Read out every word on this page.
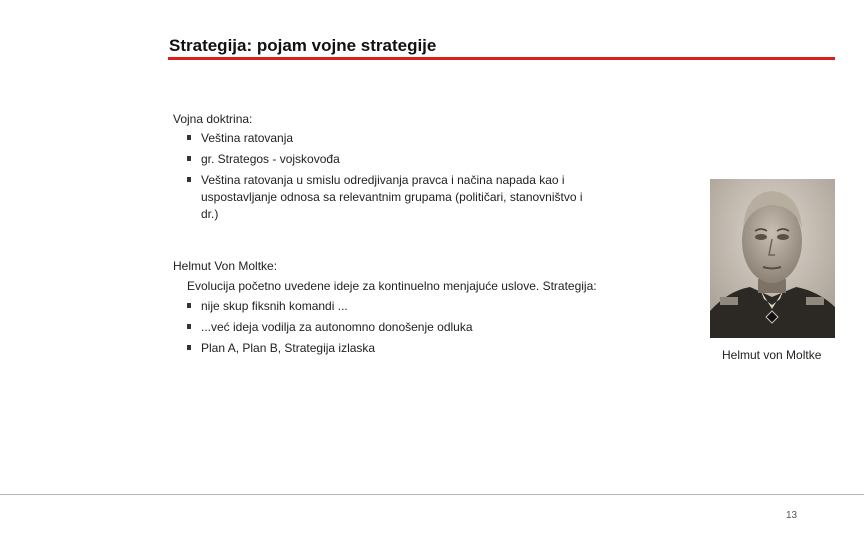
Strategija: pojam vojne strategije
Vojna doktrina:
Veština ratovanja
gr. Strategos - vojskovođa
Veština ratovanja u smislu odredjivanja pravca i načina napada kao i uspostavljanje odnosa sa relevantnim grupama (političari, stanovništvo i dr.)
Helmut Von Moltke:
Evolucija početno uvedene ideje za kontinuelno menjajuće uslove. Strategija:
nije skup fiksnih komandi ...
...već ideja vodilja za autonomno donošenje odluka
Plan A, Plan B, Strategija izlaska	Helmut von Moltke
13
